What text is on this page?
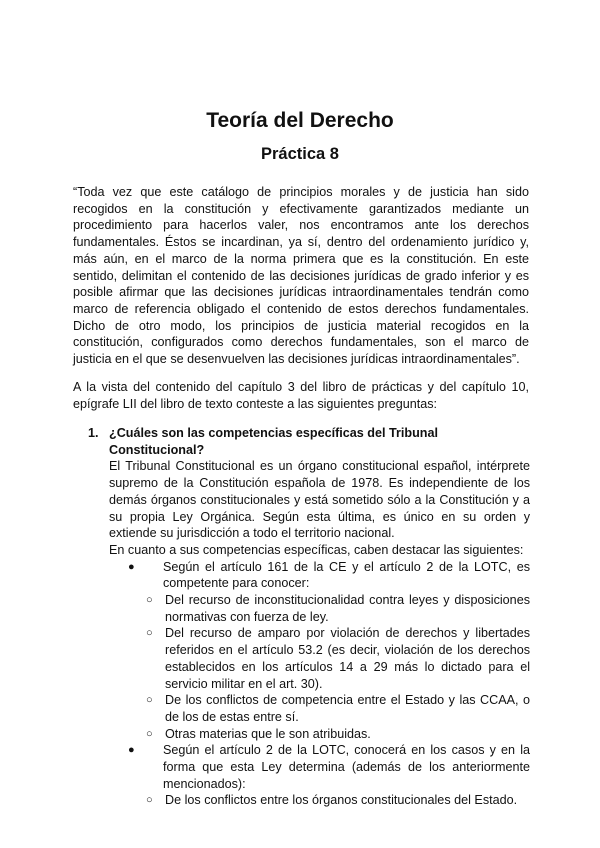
Teoría del Derecho
Práctica 8

“Toda vez que este catálogo de principios morales y de justicia han sido recogidos en la constitución y efectivamente garantizados mediante un procedimiento para hacerlos valer, nos encontramos ante los derechos fundamentales. Éstos se incardinan, ya sí, dentro del ordenamiento jurídico y, más aún, en el marco de la norma primera que es la constitución. En este sentido, delimitan el contenido de las decisiones jurídicas de grado inferior y es posible afirmar que las decisiones jurídicas intraordinamentales tendrán como marco de referencia obligado el contenido de estos derechos fundamentales. Dicho de otro modo, los principios de justicia material recogidos en la constitución, configurados como derechos fundamentales, son el marco de justicia en el que se desenvuelven las decisiones jurídicas intraordinamentales”.

A la vista del contenido del capítulo 3 del libro de prácticas y del capítulo 10, epígrafe LII del libro de texto conteste a las siguientes preguntas:

1. ¿Cuáles son las competencias específicas del Tribunal Constitucional?

El Tribunal Constitucional es un órgano constitucional español, intérprete supremo de la Constitución española de 1978. Es independiente de los demás órganos constitucionales y está sometido sólo a la Constitución y a su propia Ley Orgánica. Según esta última, es único en su orden y extiende su jurisdicción a todo el territorio nacional.

En cuanto a sus competencias específicas, caben destacar las siguientes:

● Según el artículo 161 de la CE y el artículo 2 de la LOTC, es competente para conocer:
○ Del recurso de inconstitucionalidad contra leyes y disposiciones normativas con fuerza de ley.
○ Del recurso de amparo por violación de derechos y libertades referidos en el artículo 53.2 (es decir, violación de los derechos establecidos en los artículos 14 a 29 más lo dictado para el servicio militar en el art. 30).
○ De los conflictos de competencia entre el Estado y las CCAA, o de los de estas entre sí.
○ Otras materias que le son atribuidas.
● Según el artículo 2 de la LOTC, conocerá en los casos y en la forma que esta Ley determina (además de los anteriormente mencionados):
○ De los conflictos entre los órganos constitucionales del Estado.
